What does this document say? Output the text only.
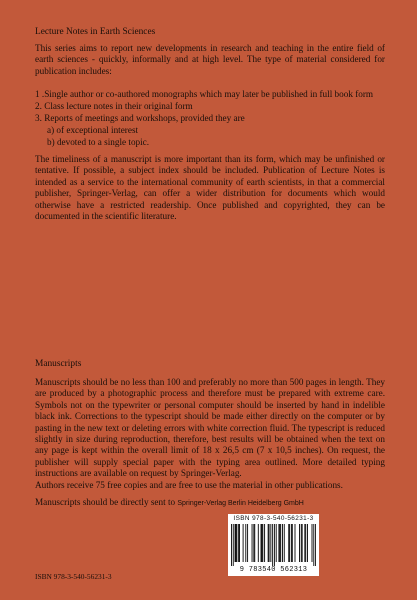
Lecture Notes in Earth Sciences
This series aims to report new developments in research and teaching in the entire field of earth sciences - quickly, informally and at high level. The type of material considered for publication includes:
1 .Single author or co-authored monographs which may later be published in full book form
2. Class lecture notes in their original form
3. Reports of meetings and workshops, provided they are
a) of exceptional interest
b) devoted to a single topic.
The timeliness of a manuscript is more important than its form, which may be unfinished or tentative. If possible, a subject index should be included. Publication of Lecture Notes is intended as a service to the international community of earth scientists, in that a commercial publisher, Springer-Verlag, can offer a wider distribution for documents which would otherwise have a restricted readership. Once published and copyrighted, they can be documented in the scientific literature.
Manuscripts
Manuscripts should be no less than 100 and preferably no more than 500 pages in length. They are produced by a photographic process and therefore must be prepared with extreme care. Symbols not on the typewriter or personal computer should be inserted by hand in indelible black ink. Corrections to the typescript should be made either directly on the computer or by pasting in the new text or deleting errors with white correction fluid. The typescript is reduced slightly in size during reproduction, therefore, best results will be obtained when the text on any page is kept within the overall limit of 18 x 26,5 cm (7 x 10,5 inches). On request, the publisher will supply special paper with the typing area outlined. More detailed typing instructions are available on request by Springer-Verlag.
Authors receive 75 free copies and are free to use the material in other publications.
Manuscripts should be directly sent to Springer-Verlag Berlin Heidelberg GmbH
ISBN 978-3-540-56231-3
ISBN 978-3-540-56231-3
9 783540 562313
